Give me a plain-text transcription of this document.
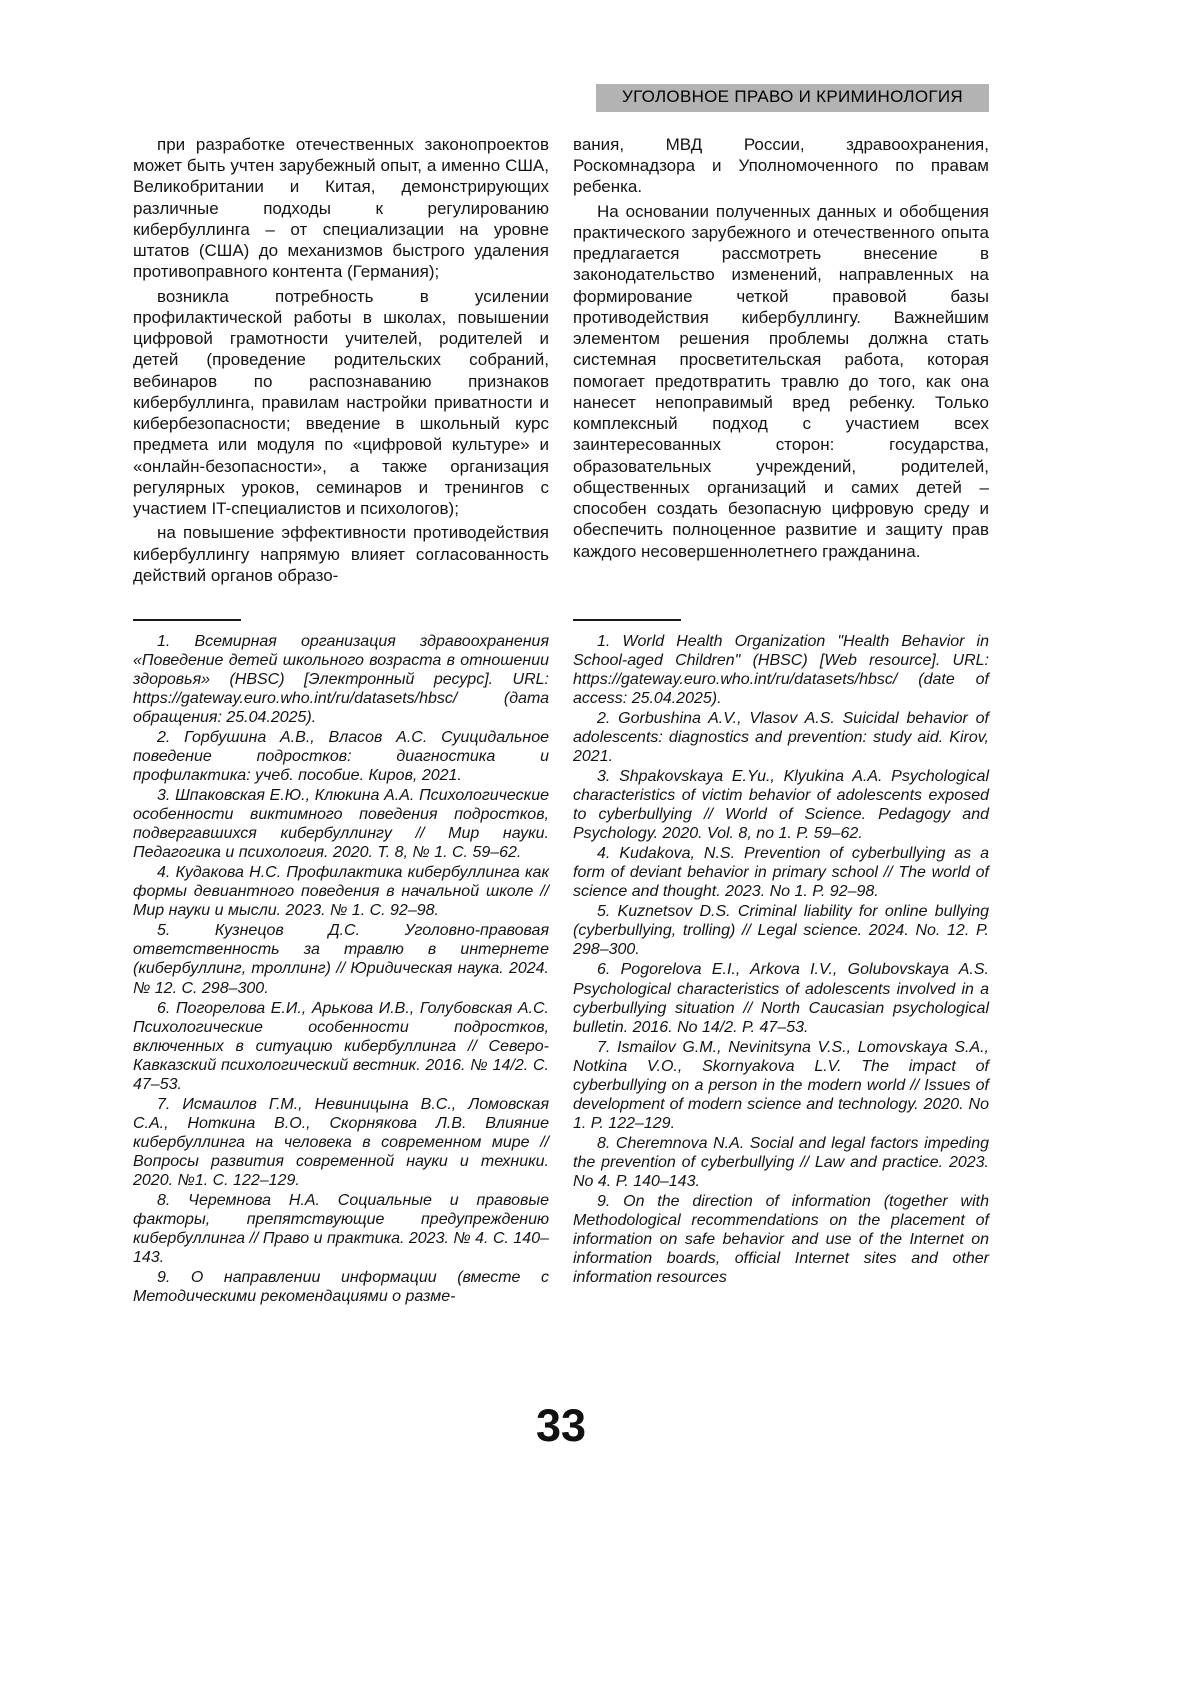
УГОЛОВНОЕ ПРАВО И КРИМИНОЛОГИЯ

при разработке отечественных законопроектов может быть учтен зарубежный опыт, а именно США, Великобритании и Китая, демонстрирующих различные подходы к регулированию кибербуллинга – от специализации на уровне штатов (США) до механизмов быстрого удаления противоправного контента (Германия);

возникла потребность в усилении профилактической работы в школах, повышении цифровой грамотности учителей, родителей и детей (проведение родительских собраний, вебинаров по распознаванию признаков кибербуллинга, правилам настройки приватности и кибербезопасности; введение в школьный курс предмета или модуля по «цифровой культуре» и «онлайн-безопасности», а также организация регулярных уроков, семинаров и тренингов с участием IT-специалистов и психологов);

на повышение эффективности противодействия кибербуллингу напрямую влияет согласованность действий органов образо-

1. Всемирная организация здравоохранения «Поведение детей школьного возраста в отношении здоровья» (HBSC) [Электронный ресурс]. URL: https://gateway.euro.who.int/ru/datasets/hbsc/ (дата обращения: 25.04.2025).

2. Горбушина А.В., Власов А.С. Суицидальное поведение подростков: диагностика и профилактика: учеб. пособие. Киров, 2021.

3. Шпаковская Е.Ю., Клюкина А.А. Психологические особенности виктимного поведения подростков, подвергавшихся кибербуллингу // Мир науки. Педагогика и психология. 2020. Т. 8, № 1. С. 59–62.

4. Кудакова Н.С. Профилактика кибербуллинга как формы девиантного поведения в начальной школе // Мир науки и мысли. 2023. № 1. С. 92–98.

5. Кузнецов Д.С. Уголовно-правовая ответственность за травлю в интернете (кибербуллинг, троллинг) // Юридическая наука. 2024. № 12. С. 298–300.

6. Погорелова Е.И., Арькова И.В., Голубовская А.С. Психологические особенности подростков, включенных в ситуацию кибербуллинга // Северо-Кавказский психологический вестник. 2016. № 14/2. С. 47–53.

7. Исмаилов Г.М., Невиницына В.С., Ломовская С.А., Ноткина В.О., Скорнякова Л.В. Влияние кибербуллинга на человека в современном мире // Вопросы развития современной науки и техники. 2020. №1. С. 122–129.

8. Черемнова Н.А. Социальные и правовые факторы, препятствующие предупреждению кибербуллинга // Право и практика. 2023. № 4. С. 140–143.

9. О направлении информации (вместе с Методическими рекомендациями о разме-

вания, МВД России, здравоохранения, Роскомнадзора и Уполномоченного по правам ребенка.

На основании полученных данных и обобщения практического зарубежного и отечественного опыта предлагается рассмотреть внесение в законодательство изменений, направленных на формирование четкой правовой базы противодействия кибербуллингу. Важнейшим элементом решения проблемы должна стать системная просветительская работа, которая помогает предотвратить травлю до того, как она нанесет непоправимый вред ребенку. Только комплексный подход с участием всех заинтересованных сторон: государства, образовательных учреждений, родителей, общественных организаций и самих детей – способен создать безопасную цифровую среду и обеспечить полноценное развитие и защиту прав каждого несовершеннолетнего гражданина.

1. World Health Organization "Health Behavior in School-aged Children" (HBSC) [Web resource]. URL: https://gateway.euro.who.int/ru/datasets/hbsc/ (date of access: 25.04.2025).

2. Gorbushina A.V., Vlasov A.S. Suicidal behavior of adolescents: diagnostics and prevention: study aid. Kirov, 2021.

3. Shpakovskaya E.Yu., Klyukina A.A. Psychological characteristics of victim behavior of adolescents exposed to cyberbullying // World of Science. Pedagogy and Psychology. 2020. Vol. 8, no 1. P. 59–62.

4. Kudakova, N.S. Prevention of cyberbullying as a form of deviant behavior in primary school // The world of science and thought. 2023. No 1. P. 92–98.

5. Kuznetsov D.S. Criminal liability for online bullying (cyberbullying, trolling) // Legal science. 2024. No. 12. P. 298–300.

6. Pogorelova E.I., Arkova I.V., Golubovskaya A.S. Psychological characteristics of adolescents involved in a cyberbullying situation // North Caucasian psychological bulletin. 2016. No 14/2. P. 47–53.

7. Ismailov G.M., Nevinitsyna V.S., Lomovskaya S.A., Notkina V.O., Skornyakova L.V. The impact of cyberbullying on a person in the modern world // Issues of development of modern science and technology. 2020. No 1. P. 122–129.

8. Cheremnova N.A. Social and legal factors impeding the prevention of cyberbullying // Law and practice. 2023. No 4. P. 140–143.

9. On the direction of information (together with Methodological recommendations on the placement of information on safe behavior and use of the Internet on information boards, official Internet sites and other information resources

33
